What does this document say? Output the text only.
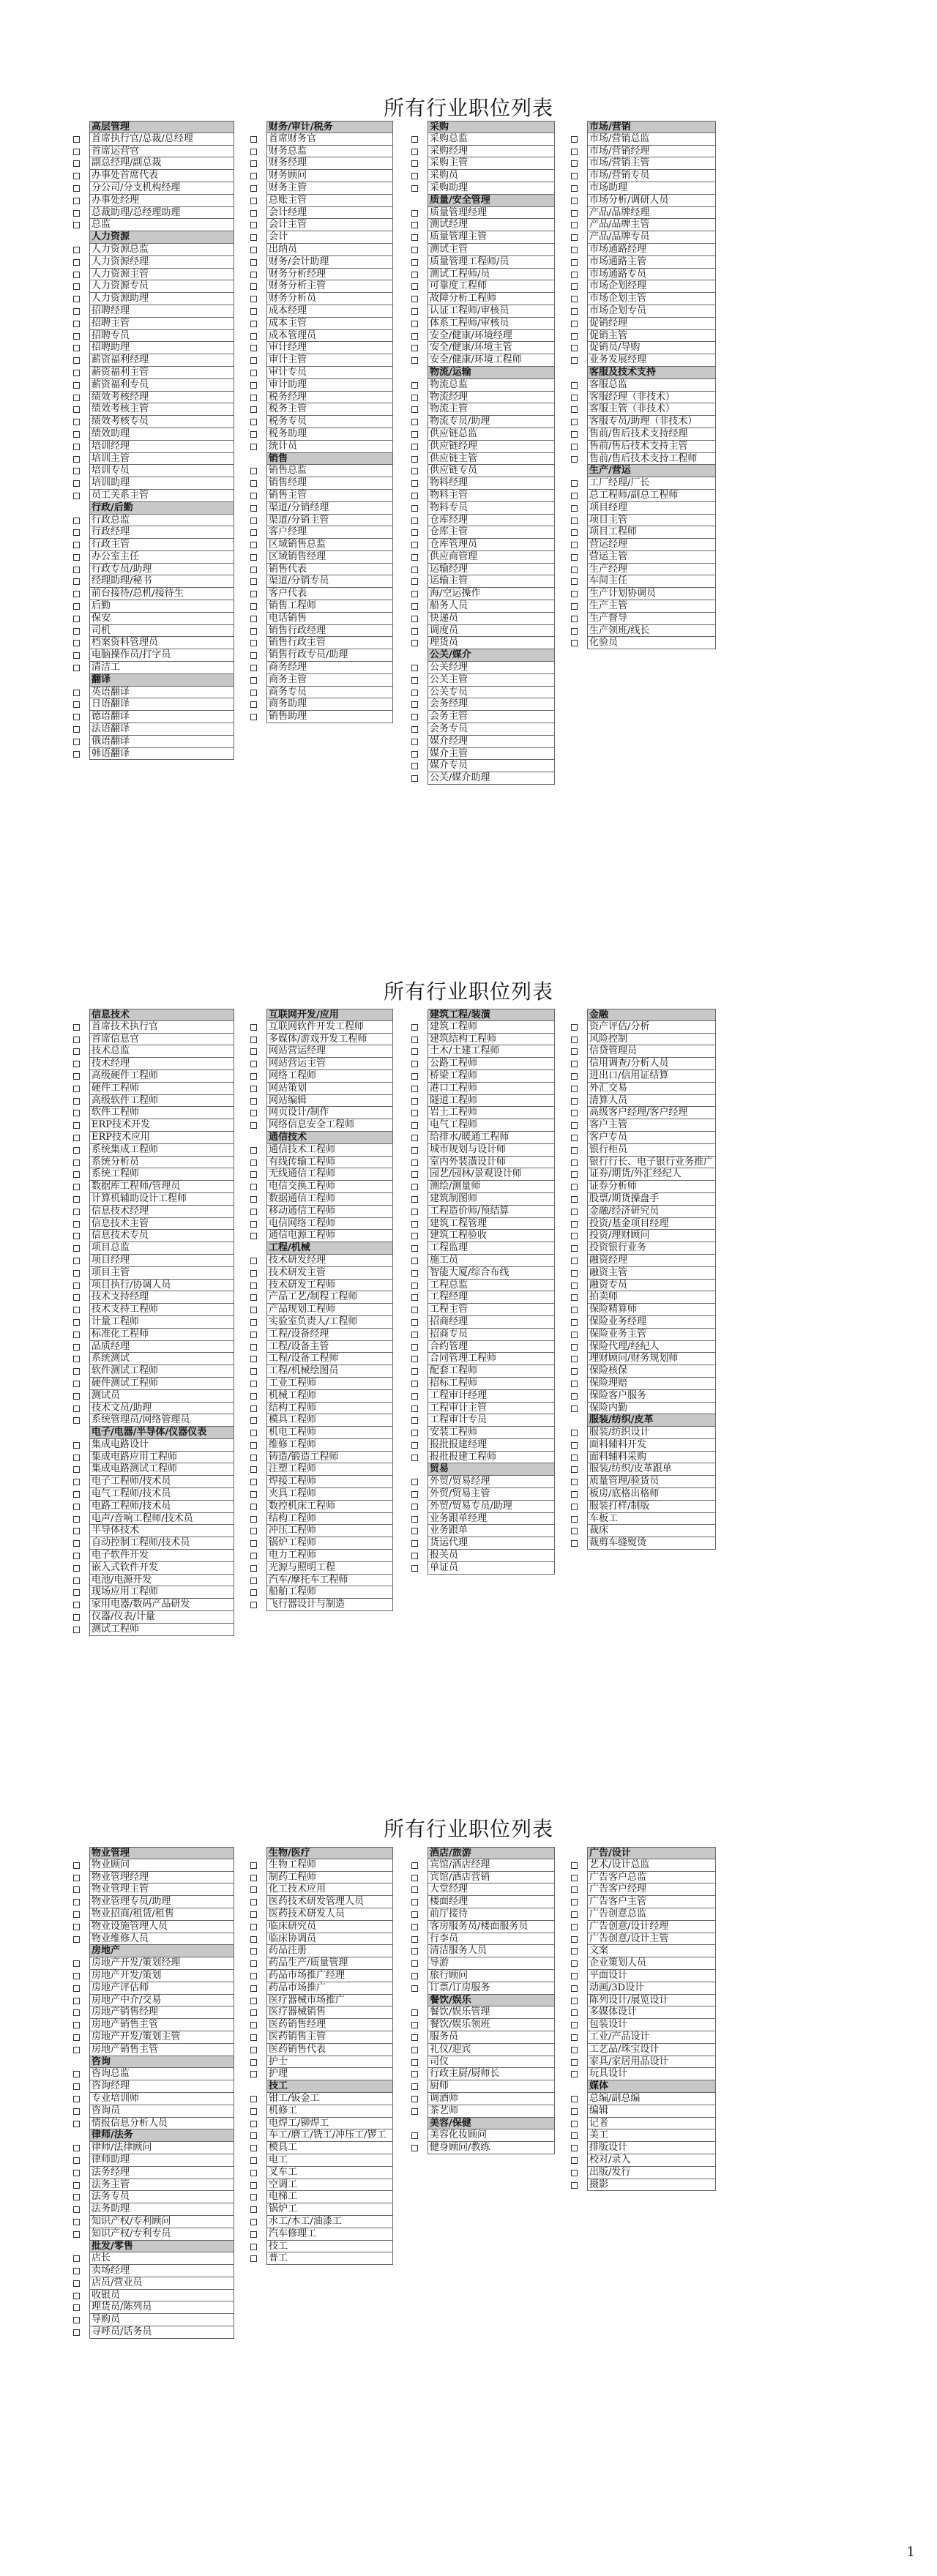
所有行业职位列表
高层管理
首席执行官/总裁/总经理
首席运营官
副总经理/副总裁
办事处首席代表
分公司/分支机构经理
办事处经理
总裁助理/总经理助理
总监
人力资源
人力资源总监
人力资源经理
人力资源主管
人力资源专员
人力资源助理
招聘经理
招聘主管
招聘专员
招聘助理
薪资福利经理
薪资福利主管
薪资福利专员
绩效考核经理
绩效考核主管
绩效考核专员
绩效助理
培训经理
培训主管
培训专员
培训助理
员工关系主管
行政/后勤
行政总监
行政经理
行政主管
办公室主任
行政专员/助理
经理助理/秘书
前台接待/总机/接待生
后勤
保安
司机
档案资料管理员
电脑操作员/打字员
清洁工
翻译
英语翻译
日语翻译
德语翻译
法语翻译
俄语翻译
韩语翻译
财务/审计/税务
首席财务官
财务总监
财务经理
财务顾问
财务主管
总账主管
会计经理
会计主管
会计
出纳员
财务/会计助理
财务分析经理
财务分析主管
财务分析员
成本经理
成本主管
成本管理员
审计经理
审计主管
审计专员
审计助理
税务经理
税务主管
税务专员
税务助理
统计员
销售
销售总监
销售经理
销售主管
渠道/分销经理
渠道/分销主管
客户经理
区域销售总监
区域销售经理
销售代表
渠道/分销专员
客户代表
销售工程师
电话销售
销售行政经理
销售行政主管
销售行政专员/助理
商务经理
商务主管
商务专员
商务助理
销售助理
采购
采购总监
采购经理
采购主管
采购员
采购助理
质量/安全管理
质量管理经理
测试经理
质量管理主管
测试主管
质量管理工程师/员
测试工程师/员
可靠度工程师
故障分析工程师
认证工程师/审核员
体系工程师/审核员
安全/健康/环境经理
安全/健康/环境主管
安全/健康/环境工程师
物流/运输
物流总监
物流经理
物流主管
物流专员/助理
供应链总监
供应链经理
供应链主管
供应链专员
物料经理
物料主管
物料专员
仓库经理
仓库主管
仓库管理员
供应商管理
运输经理
运输主管
海/空运操作
船务人员
快递员
调度员
理货员
公关/媒介
公关经理
公关主管
公关专员
会务经理
会务主管
会务专员
媒介经理
媒介主管
媒介专员
公关/媒介助理
市场/营销
市场/营销总监
市场/营销经理
市场/营销主管
市场/营销专员
市场助理
市场分析/调研人员
产品/品牌经理
产品/品牌主管
产品/品牌专员
市场通路经理
市场通路主管
市场通路专员
市场企划经理
市场企划主管
市场企划专员
促销经理
促销主管
促销员/导购
业务发展经理
客服及技术支持
客服总监
客服经理（非技术）
客服主管（非技术）
客服专员/助理（非技术）
售前/售后技术支持经理
售前/售后技术支持主管
售前/售后技术支持工程师
生产/营运
工厂经理/厂长
总工程师/副总工程师
项目经理
项目主管
项目工程师
营运经理
营运主管
生产经理
车间主任
生产计划协调员
生产主管
生产督导
生产领班/线长
化验员
所有行业职位列表
信息技术
首席技术执行官
首席信息官
技术总监
技术经理
高级硬件工程师
硬件工程师
高级软件工程师
软件工程师
ERP技术开发
ERP技术应用
系统集成工程师
系统分析员
系统工程师
数据库工程师/管理员
计算机辅助设计工程师
信息技术经理
信息技术主管
信息技术专员
项目总监
项目经理
项目主管
项目执行/协调人员
技术支持经理
技术支持工程师
计量工程师
标准化工程师
品质经理
系统测试
软件测试工程师
硬件测试工程师
测试员
技术文员/助理
系统管理员/网络管理员
电子/电器/半导体/仪器仪表
集成电路设计
集成电路应用工程师
集成电路测试工程师
电子工程师/技术员
电气工程师/技术员
电路工程师/技术员
电声/音响工程师/技术员
半导体技术
自动控制工程师/技术员
电子软件开发
嵌入式软件开发
电池/电源开发
现场应用工程师
家用电器/数码产品研发
仪器/仪表/计量
测试工程师
互联网开发/应用
互联网软件开发工程师
多媒体/游戏开发工程师
网站营运经理
网站营运主管
网络工程师
网站策划
网站编辑
网页设计/制作
网络信息安全工程师
通信技术
通信技术工程师
有线传输工程师
无线通信工程师
电信交换工程师
数据通信工程师
移动通信工程师
电信网络工程师
通信电源工程师
工程/机械
技术研发经理
技术研发主管
技术研发工程师
产品工艺/制程工程师
产品规划工程师
实验室负责人/工程师
工程/设备经理
工程/设备主管
工程/设备工程师
工程/机械绘图员
工业工程师
机械工程师
结构工程师
模具工程师
机电工程师
维修工程师
铸造/锻造工程师
注塑工程师
焊接工程师
夹具工程师
数控机床工程师
结构工程师
冲压工程师
锅炉工程师
电力工程师
光源与照明工程
汽车/摩托车工程师
船舶工程师
飞行器设计与制造
建筑工程/装潢
建筑工程师
建筑结构工程师
土木/土建工程师
公路工程师
桥梁工程师
港口工程师
隧道工程师
岩土工程师
电气工程师
给排水/暖通工程师
城市规划与设计师
室内外装潢设计师
园艺/园林/景观设计师
测绘/测量师
建筑制图师
工程造价师/预结算
建筑工程管理
建筑工程验收
工程监理
施工员
智能大厦/综合布线
工程总监
工程经理
工程主管
招商经理
招商专员
合约管理
合同管理工程师
配套工程师
招标工程师
工程审计经理
工程审计主管
工程审计专员
安装工程师
报批报建经理
报批报建工程师
贸易
外贸/贸易经理
外贸/贸易主管
外贸/贸易专员/助理
业务跟单经理
业务跟单
货运代理
报关员
单证员
金融
资产评估/分析
风险控制
信贷管理员
信用调查/分析人员
进出口/信用证结算
外汇交易
清算人员
高级客户经理/客户经理
客户主管
客户专员
银行柜员
银行行长、电子银行业务推广
证券/期货/外汇经纪人
证券分析师
股票/期货操盘手
金融/经济研究员
投资/基金项目经理
投资/理财顾问
投资银行业务
融资经理
融资主管
融资专员
拍卖师
保险精算师
保险业务经理
保险业务主管
保险代理/经纪人
理财顾问/财务规划师
保险核保
保险理赔
保险客户服务
保险内勤
服装/纺织/皮革
服装/纺织设计
面料辅料开发
面料辅料采购
服装/纺织/皮革跟单
质量管理/验货员
板房/底格出格师
服装打样/制版
车板工
裁床
裁剪车缝熨烫
所有行业职位列表
物业管理
物业顾问
物业管理经理
物业管理主管
物业管理专员/助理
物业招商/租赁/租售
物业设施管理人员
物业维修人员
房地产
房地产开发/策划经理
房地产开发/策划
房地产评估师
房地产中介/交易
房地产销售经理
房地产销售主管
房地产开发/策划主管
房地产销售主管
咨询
咨询总监
咨询经理
专业培训师
咨询员
情报信息分析人员
律师/法务
律师/法律顾问
律师助理
法务经理
法务主管
法务专员
法务助理
知识产权/专利顾问
知识产权/专利专员
批发/零售
店长
卖场经理
店员/营业员
收银员
理货员/陈列员
导购员
寻呼员/话务员
生物/医疗
生物工程师
制药工程师
化工技术应用
医药技术研发管理人员
医药技术研发人员
临床研究员
临床协调员
药品注册
药品生产/质量管理
药品市场推广经理
药品市场推广
医疗器械市场推广
医疗器械销售
医药销售经理
医药销售主管
医药销售代表
护士
护理
技工
钳工/钣金工
机修工
电焊工/铆焊工
车工/磨工/铣工/冲压工/锣工
模具工
电工
叉车工
空调工
电梯工
锅炉工
水工/木工/油漆工
汽车修理工
技工
普工
酒店/旅游
宾馆/酒店经理
宾馆/酒店营销
大堂经理
楼面经理
前厅接待
客房服务员/楼面服务员
行李员
清洁服务人员
导游
旅行顾问
订票/订房服务
餐饮/娱乐
餐饮/娱乐管理
餐饮/娱乐领班
服务员
礼仪/迎宾
司仪
行政主厨/厨师长
厨师
调酒师
茶艺师
美容/保健
美容化妆顾问
健身顾问/教练
广告/设计
艺术/设计总监
广告客户总监
广告客户经理
广告客户主管
广告创意总监
广告创意/设计经理
广告创意/设计主管
文案
企业策划人员
平面设计
动画/3D设计
陈列设计/展览设计
多媒体设计
包装设计
工业/产品设计
工艺品/珠宝设计
家具/家居用品设计
玩具设计
媒体
总编/副总编
编辑
记者
美工
排版设计
校对/录入
出版/发行
摄影
1
